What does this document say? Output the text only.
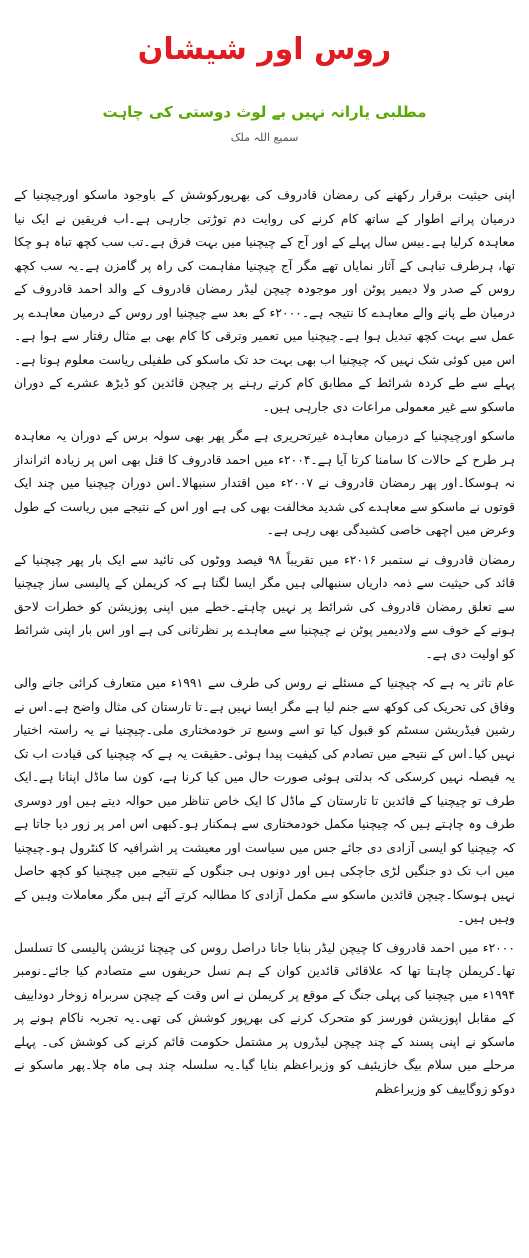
روس اور شیشان
مطلبی یارانہ نہیں بے لوث دوستی کی چاہت
سمیع اللہ ملک

اپنی حیثیت برقرار رکھنے کی رمضان قادروف کی بھرپورکوشش کے باوجود ماسکو اورچیچنیا کے درمیان پرانے اطوار کے ساتھ کام کرنے کی روایت دم توڑتی جارہی ہے۔اب فریقین نے ایک نیا معاہدہ کرلیا ہے۔بیس سال پہلے کے اور آج کے چیچنیا میں بہت فرق ہے۔تب سب کچھ تباہ ہو چکا تھا، ہرطرف تباہی کے آثار نمایاں تھے مگر آج چیچنیا مفاہمت کی راہ پر گامزن ہے۔یہ سب کچھ روس کے صدر ولا دیمیر پوٹن اور موجودہ چیچن لیڈر رمضان قادروف کے والد احمد قادروف کے درمیان طے پانے والے معاہدے کا نتیجہ ہے۔۲۰۰۰ء کے بعد سے چیچنیا اور روس کے درمیان معاہدے پر عمل سے بہت کچھ تبدیل ہوا ہے۔چیچنیا میں تعمیر وترقی کا کام بھی بے مثال رفتار سے ہوا ہے۔اس میں کوئی شک نہیں کہ چیچنیا اب بھی بہت حد تک ماسکو کی طفیلی ریاست معلوم ہوتا ہے۔ پہلے سے طے کردہ شرائط کے مطابق کام کرتے رہنے پر چیچن قائدین کو ڈیڑھ عشرے کے دوران ماسکو سے غیر معمولی مراعات دی جارہی ہیں۔

ماسکو اورچیچنیا کے درمیان معاہدہ غیرتحریری ہے مگر پھر بھی سولہ برس کے دوران یہ معاہدہ ہر طرح کے حالات کا سامنا کرتا آیا ہے۔۲۰۰۴ء میں احمد قادروف کا قتل بھی اس پر زیادہ اثرانداز نہ ہوسکا۔اور پھر رمضان قادروف نے ۲۰۰۷ء میں اقتدار سنبھالا۔اس دوران چیچنیا میں چند ایک قوتوں نے ماسکو سے معاہدے کی شدید مخالفت بھی کی ہے اور اس کے نتیجے میں ریاست کے طول وعرض میں اچھی خاصی کشیدگی بھی رہی ہے۔

رمضان قادروف نے ستمبر ۲۰۱۶ء میں تقریباً ۹۸ فیصد ووٹوں کی تائید سے ایک بار پھر چیچنیا کے قائد کی حیثیت سے ذمہ داریاں سنبھالی ہیں مگر ایسا لگتا ہے کہ کریملن کے پالیسی ساز چیچنیا سے تعلق رمضان قادروف کی شرائط پر نہیں چاہتے۔خطے میں اپنی پوزیشن کو خطرات لاحق ہونے کے خوف سے ولادیمیر پوٹن نے چیچنیا سے معاہدے پر نظرثانی کی ہے اور اس بار اپنی شرائط کو اولیت دی ہے۔

عام تاثر یہ ہے کہ چیچنیا کے مسئلے نے روس کی طرف سے ۱۹۹۱ء میں متعارف کرائی جانے والی وفاق کی تحریک کی کوکھ سے جنم لیا ہے مگر ایسا نہیں ہے۔تا تارستان کی مثال واضح ہے۔اس نے رشین فیڈریشن سسٹم کو قبول کیا تو اسے وسیع تر خودمختاری ملی۔چیچنیا نے یہ راستہ اختیار نہیں کیا۔اس کے نتیجے میں تصادم کی کیفیت پیدا ہوئی۔حقیقت یہ ہے کہ چیچنیا کی قیادت اب تک یہ فیصلہ نہیں کرسکی کہ بدلتی ہوئی صورت حال میں کیا کرنا ہے، کون سا ماڈل اپنانا ہے۔ایک طرف تو چیچنیا کے قائدین تا تارستان کے ماڈل کا ایک خاص تناظر میں حوالہ دیتے ہیں اور دوسری طرف وہ چاہتے ہیں کہ چیچنیا مکمل خودمختاری سے ہمکنار ہو۔کبھی اس امر پر زور دیا جاتا ہے کہ چیچنیا کو ایسی آزادی دی جائے جس میں سیاست اور معیشت پر اشرافیہ کا کنٹرول ہو۔چیچنیا میں اب تک دو جنگیں لڑی جاچکی ہیں اور دونوں ہی جنگوں کے نتیجے میں چیچنیا کو کچھ حاصل نہیں ہوسکا۔چیچن قائدین ماسکو سے مکمل آزادی کا مطالبہ کرتے آئے ہیں مگر معاملات وہیں کے وہیں ہیں۔

۲۰۰۰ء میں احمد قادروف کا چیچن لیڈر بنایا جانا دراصل روس کی چیچنا ئزیشن پالیسی کا تسلسل تھا۔کریملن چاہتا تھا کہ علاقائی قائدین کوان کے ہم نسل حریفوں سے متصادم کیا جائے۔نومبر ۱۹۹۴ء میں چیچنیا کی پہلی جنگ کے موقع پر کریملن نے اس وقت کے چیچن سربراہ زوخار دوداییف کے مقابل اپوزیشن فورسز کو متحرک کرنے کی بھرپور کوشش کی تھی۔یہ تجربہ ناکام ہونے پر ماسکو نے اپنی پسند کے چند چیچن لیڈروں پر مشتمل حکومت قائم کرنے کی کوشش کی۔ پہلے مرحلے میں سلام بیگ خازیئیف کو وزیراعظم بنایا گیا۔یہ سلسلہ چند ہی ماہ چلا۔پھر ماسکو نے دوکو زوگاییف کو وزیراعظم
